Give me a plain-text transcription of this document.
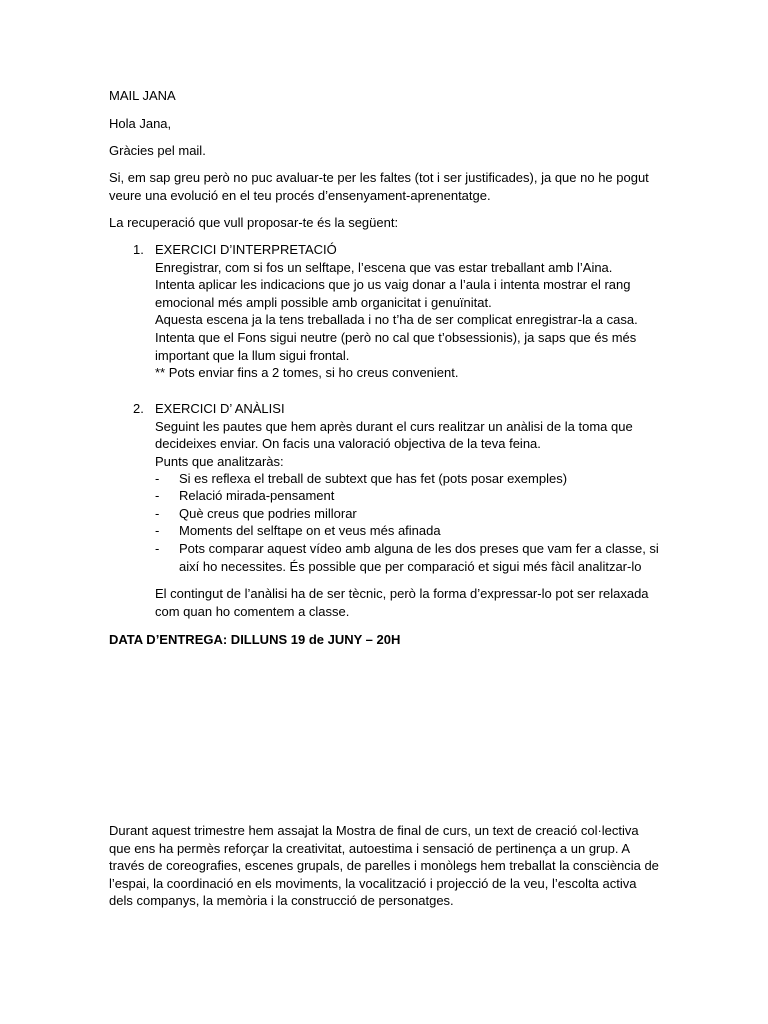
MAIL JANA

Hola Jana,

Gràcies pel mail.

Si, em sap greu però no puc avaluar-te per les faltes (tot i ser justificades), ja que no he pogut
veure una evolució en el teu procés d’ensenyament-aprenentatge.

La recuperació que vull proposar-te és la següent:

1. EXERCICI D’INTERPRETACIÓ
Enregistrar, com si fos un selftape, l’escena que vas estar treballant amb l’Aina.
Intenta aplicar les indicacions que jo us vaig donar a l’aula i intenta mostrar el rang
emocional més ampli possible amb organicitat i genuïnitat.
Aquesta escena ja la tens treballada i no t’ha de ser complicat enregistrar-la a casa.
Intenta que el Fons sigui neutre (però no cal que t’obsessionis), ja saps que és més
important que la llum sigui frontal.
** Pots enviar fins a 2 tomes, si ho creus convenient.
2. EXERCICI D’ ANÀLISI
Seguint les pautes que hem après durant el curs realitzar un anàlisi de la toma que
decideixes enviar. On facis una valoració objectiva de la teva feina.
Punts que analitzaràs:
- Si es reflexa el treball de subtext que has fet (pots posar exemples)
- Relació mirada-pensament
- Què creus que podries millorar
- Moments del selftape on et veus més afinada
- Pots comparar aquest vídeo amb alguna de les dos preses que vam fer a classe, si
així ho necessites. És possible que per comparació et sigui més fàcil analitzar-lo
El contingut de l’anàlisi ha de ser tècnic, però la forma d’expressar-lo pot ser relaxada
com quan ho comentem a classe.

DATA D’ENTREGA: DILLUNS 19 de JUNY – 20H

Durant aquest trimestre hem assajat la Mostra de final de curs, un text de creació col·lectiva
que ens ha permès reforçar la creativitat, autoestima i sensació de pertinença a un grup. A
través de coreografies, escenes grupals, de parelles i monòlegs hem treballat la consciència de
l’espai, la coordinació en els moviments, la vocalització i projecció de la veu, l’escolta activa
dels companys, la memòria i la construcció de personatges.
